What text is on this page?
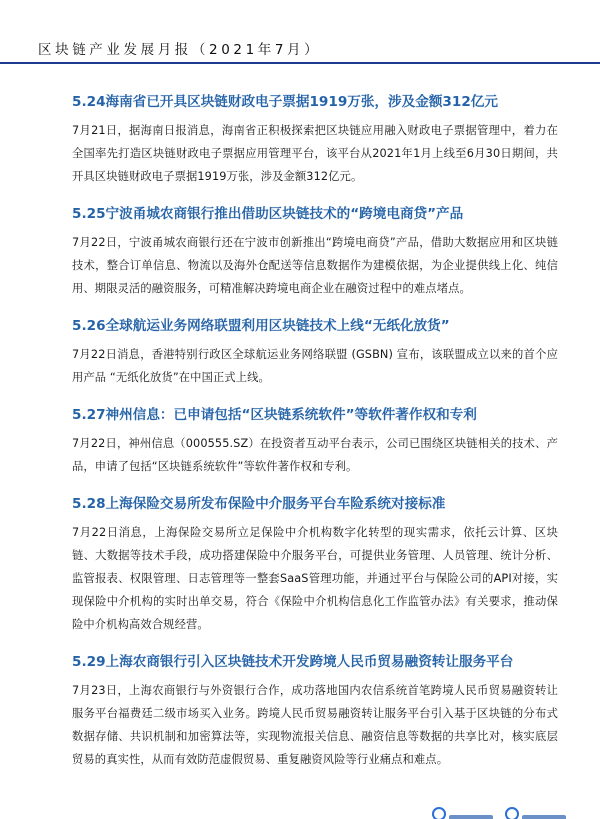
区块链产业发展月报（2021年7月）
5.24海南省已开具区块链财政电子票据1919万张，涉及金额312亿元

7月21日，据海南日报消息，海南省正积极探索把区块链应用融入财政电子票据管理中，着力在全国率先打造区块链财政电子票据应用管理平台，该平台从2021年1月上线至6月30日期间，共开具区块链财政电子票据1919万张，涉及金额312亿元。

5.25宁波甬城农商银行推出借助区块链技术的“跨境电商贷”产品

7月22日，宁波甬城农商银行还在宁波市创新推出“跨境电商贷”产品，借助大数据应用和区块链技术，整合订单信息、物流以及海外仓配送等信息数据作为建模依据，为企业提供线上化、纯信用、期限灵活的融资服务，可精准解决跨境电商企业在融资过程中的难点堵点。

5.26全球航运业务网络联盟利用区块链技术上线“无纸化放货”

7月22日消息，香港特别行政区全球航运业务网络联盟 (GSBN) 宣布，该联盟成立以来的首个应用产品 “无纸化放货”在中国正式上线。

5.27神州信息：已申请包括“区块链系统软件”等软件著作权和专利

7月22日，神州信息（000555.SZ）在投资者互动平台表示，公司已围绕区块链相关的技术、产品，申请了包括“区块链系统软件”等软件著作权和专利。

5.28上海保险交易所发布保险中介服务平台车险系统对接标准

7月22日消息，上海保险交易所立足保险中介机构数字化转型的现实需求，依托云计算、区块链、大数据等技术手段，成功搭建保险中介服务平台，可提供业务管理、人员管理、统计分析、监管报表、权限管理、日志管理等一整套SaaS管理功能，并通过平台与保险公司的API对接，实现保险中介机构的实时出单交易，符合《保险中介机构信息化工作监管办法》有关要求，推动保险中介机构高效合规经营。

5.29上海农商银行引入区块链技术开发跨境人民币贸易融资转让服务平台

7月23日，上海农商银行与外资银行合作，成功落地国内农信系统首笔跨境人民币贸易融资转让服务平台福费廷二级市场买入业务。跨境人民币贸易融资转让服务平台引入基于区块链的分布式数据存储、共识机制和加密算法等，实现物流报关信息、融资信息等数据的共享比对，核实底层贸易的真实性，从而有效防范虚假贸易、重复融资风险等行业痛点和难点。
